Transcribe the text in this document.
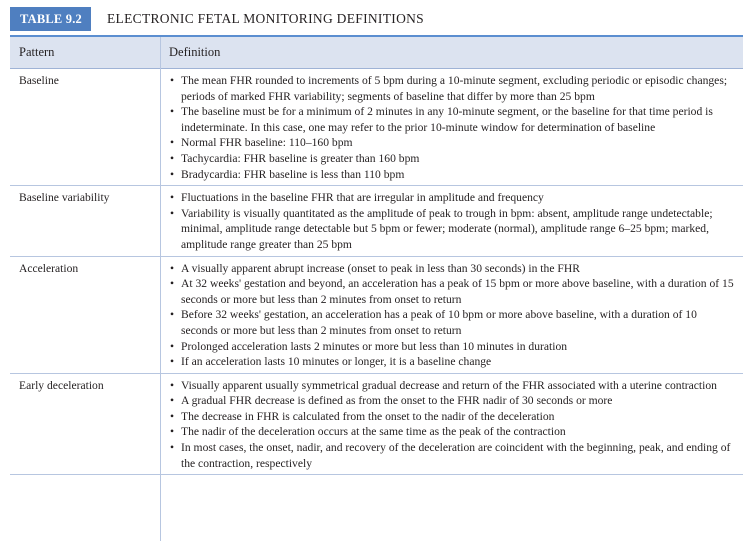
TABLE 9.2	ELECTRONIC FETAL MONITORING DEFINITIONS
Pattern	Definition
Baseline	• The mean FHR rounded to increments of 5 bpm during a 10-minute segment, excluding periodic or episodic changes; periods of marked FHR variability; segments of baseline that differ by more than 25 bpm
• The baseline must be for a minimum of 2 minutes in any 10-minute segment, or the baseline for that time period is indeterminate. In this case, one may refer to the prior 10-minute window for determination of baseline
• Normal FHR baseline: 110–160 bpm
• Tachycardia: FHR baseline is greater than 160 bpm
• Bradycardia: FHR baseline is less than 110 bpm
Baseline variability	• Fluctuations in the baseline FHR that are irregular in amplitude and frequency
• Variability is visually quantitated as the amplitude of peak to trough in bpm: absent, amplitude range undetectable; minimal, amplitude range detectable but 5 bpm or fewer; moderate (normal), amplitude range 6–25 bpm; marked, amplitude range greater than 25 bpm
Acceleration	• A visually apparent abrupt increase (onset to peak in less than 30 seconds) in the FHR
• At 32 weeks' gestation and beyond, an acceleration has a peak of 15 bpm or more above baseline, with a duration of 15 seconds or more but less than 2 minutes from onset to return
• Before 32 weeks' gestation, an acceleration has a peak of 10 bpm or more above baseline, with a duration of 10 seconds or more but less than 2 minutes from onset to return
• Prolonged acceleration lasts 2 minutes or more but less than 10 minutes in duration
• If an acceleration lasts 10 minutes or longer, it is a baseline change
Early deceleration	• Visually apparent usually symmetrical gradual decrease and return of the FHR associated with a uterine contraction
• A gradual FHR decrease is defined as from the onset to the FHR nadir of 30 seconds or more
• The decrease in FHR is calculated from the onset to the nadir of the deceleration
• The nadir of the deceleration occurs at the same time as the peak of the contraction
• In most cases, the onset, nadir, and recovery of the deceleration are coincident with the beginning, peak, and ending of the contraction, respectively
